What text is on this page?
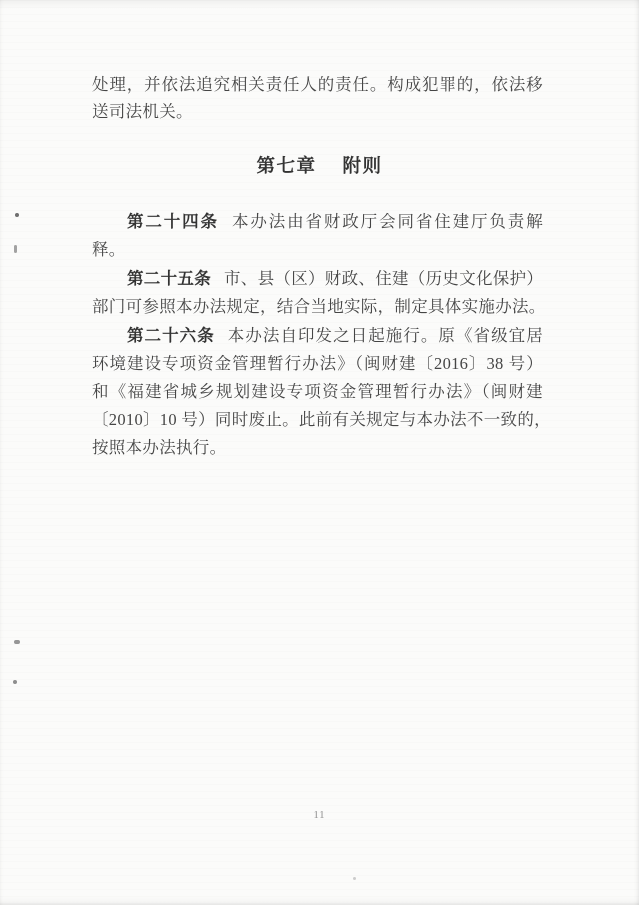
处理，并依法追究相关责任人的责任。构成犯罪的，依法移

送司法机关。

第七章 附则

第二十四条 本办法由省财政厅会同省住建厅负责解

释。

第二十五条 市、县（区）财政、住建（历史文化保护）

部门可参照本办法规定，结合当地实际，制定具体实施办法。

第二十六条 本办法自印发之日起施行。原《省级宜居

环境建设专项资金管理暂行办法》（闽财建〔2016〕38 号）

和《福建省城乡规划建设专项资金管理暂行办法》（闽财建

〔2010〕10 号）同时废止。此前有关规定与本办法不一致的，

按照本办法执行。

11
